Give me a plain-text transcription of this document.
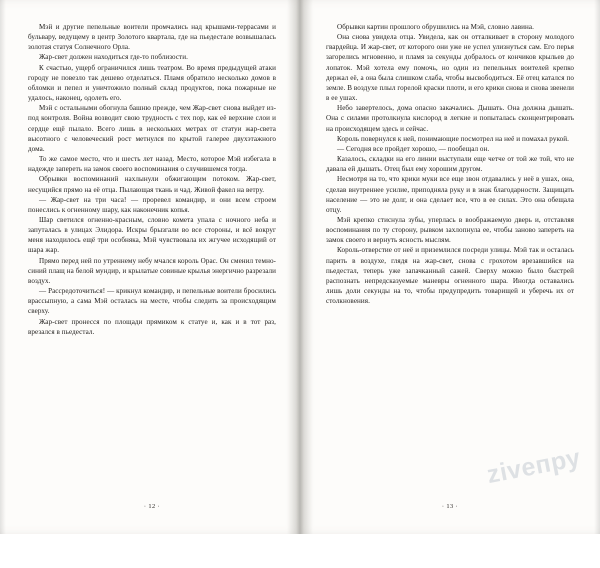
Мэй и другие пепельные воители промчались над крышами-террасами и бульвару, ведущему в центр Золотого квартала, где на пьедестале возвышалась золотая статуя Солнечного Орла.

Жар-свет должен находиться где-то поблизости.

К счастью, ущерб ограничился лишь театром. Во время предыдущей атаки городу не повезло так дешево отделаться. Пламя обратило несколько домов в обломки и пепел и уничтожило полный склад продуктов, пока пожарные не удалось, наконец, одолеть его.

Мэй с остальными обогнула башню прежде, чем Жар-свет снова выйдет из-под контроля. Война возводит свою трудность с тех пор, как её верхние слои и сердце ещё пылало. Всего лишь в нескольких метрах от статуи жар-света высотного с человеческий рост метнулся по крытой галерее двухэтажного дома.

То же самое место, что и шесть лет назад. Место, которое Мэй избегала в надежде запереть на замок своего воспоминания о случившемся тогда.

Обрывки воспоминаний нахлынули обжигающим потоком. Жар-свет, несущийся прямо на её отца. Пылающая ткань и чад. Живой факел на ветру.

— Жар-свет на три часа! — проревел командир, и они всем строем понеслись к огненному шару, как наконечник копья.

Шар светился огненно-красным, словно комета упала с ночного неба и запуталась в улицах Элидора. Искры брызгали во все стороны, и всё вокруг меня находилось ещё три особняка, Мэй чувствовала их жгучее исходящий от шара жар.

Прямо перед ней по утреннему небу мчался король Орас. Он сменил темно-синий плащ на белой мундир, и крылатые совиные крылья энергично разрезали воздух.

— Рассредоточиться! — крикнул командир, и пепельные воители бросились врассыпную, а сама Мэй осталась на месте, чтобы следить за происходящим сверху.

Жар-свет пронесся по площади прямиком к статуе и, как и в тот раз, врезался в пьедестал.

· 12 ·

Обрывки картин прошлого обрушились на Мэй, словно лавина.

Она снова увидела отца. Увидела, как он отталкивает в сторону молодого гвардейца. И жар-свет, от которого они уже не успел улизнуться сам. Его перья загорелись мгновенно, и пламя за секунды добралось от кончиков крыльев до лопаток. Мэй хотела ему помочь, но один из пепельных воителей крепко держал её, а она была слишком слаба, чтобы высвободиться. Её отец катался по земле. В воздухе плыл горелой краски плоти, и его крики снова и снова звенели в ее ушах.

Небо завертелось, дома опасно закачались. Дышать. Она должна дышать. Она с силами протолкнула кислород в легкие и попыталась сконцентрировать на происходящем здесь и сейчас.

Король повернулся к ней, понимающие посмотрел на неё и помахал рукой.

— Сегодня все пройдет хорошо, — пообещал он.

Казалось, складки на его линии выступали еще четче от той же той, что не давала ей дышать. Отец был ему хорошим другом.

Несмотря на то, что крики муки все еще звон отдавались у неё в ушах, она, сделав внутреннее усилие, приподняла руку и в знак благодарности. Защищать население — это не долг, и она сделает все, что в ее силах. Это она обещала отцу.

Мэй крепко стиснула зубы, уперлась в воображаемую дверь и, отставляя воспоминания по ту сторону, рывком захлопнула ее, чтобы заново запереть на замок своего и вернуть ясность мыслям.

Король-отверстие от неё и приземлился посреди улицы. Мэй так и осталась парить в воздухе, глядя на жар-свет, снова с грохотом врезавшийся на пьедестал, теперь уже запачканный сажей. Сверху можно было быстрей распознать непредсказуемые маневры огненного шара. Иногда оставались лишь доли секунды на то, чтобы предупредить товарищей и уберечь их от столкновения.

· 13 ·
ziveпру
